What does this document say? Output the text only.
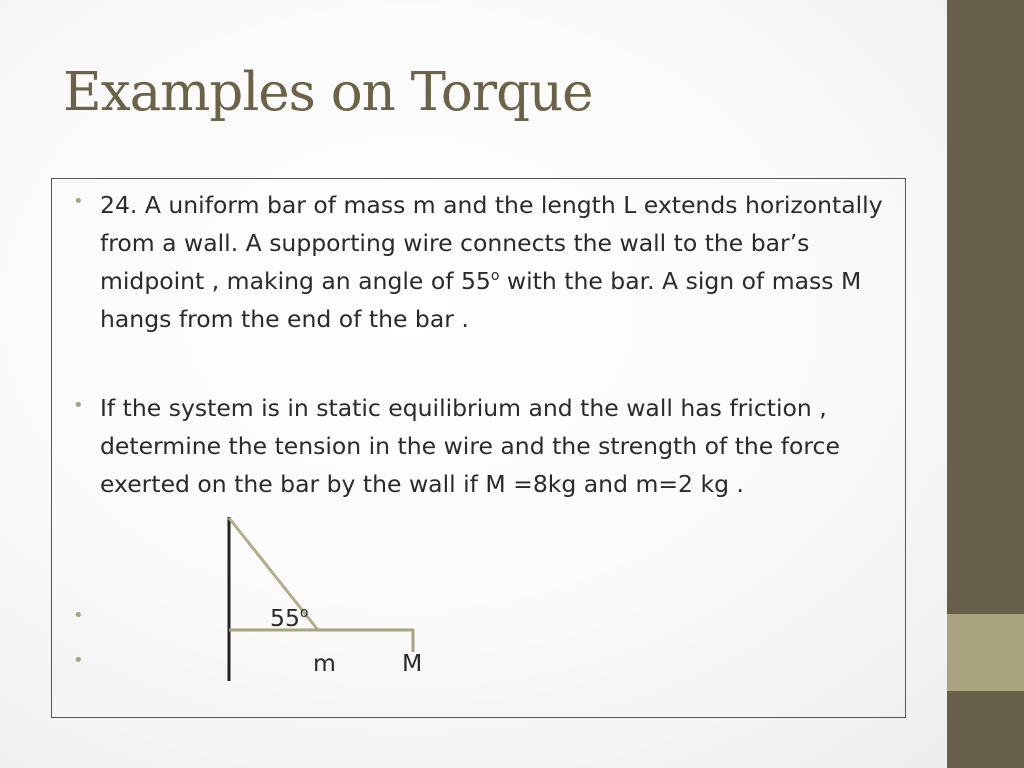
Examples on Torque
• 24. A uniform bar of mass m and the length L extends horizontally from a wall. A supporting wire connects the wall to the bar’s midpoint , making an angle of 55$^o$ with the bar. A sign of mass M hangs from the end of the bar .

• If the system is in static equilibrium and the wall has friction , determine the tension in the wire and the strength of the force exerted on the bar by the wall if M =8kg and m=2 kg .

•
•
55$^o$
m	M
